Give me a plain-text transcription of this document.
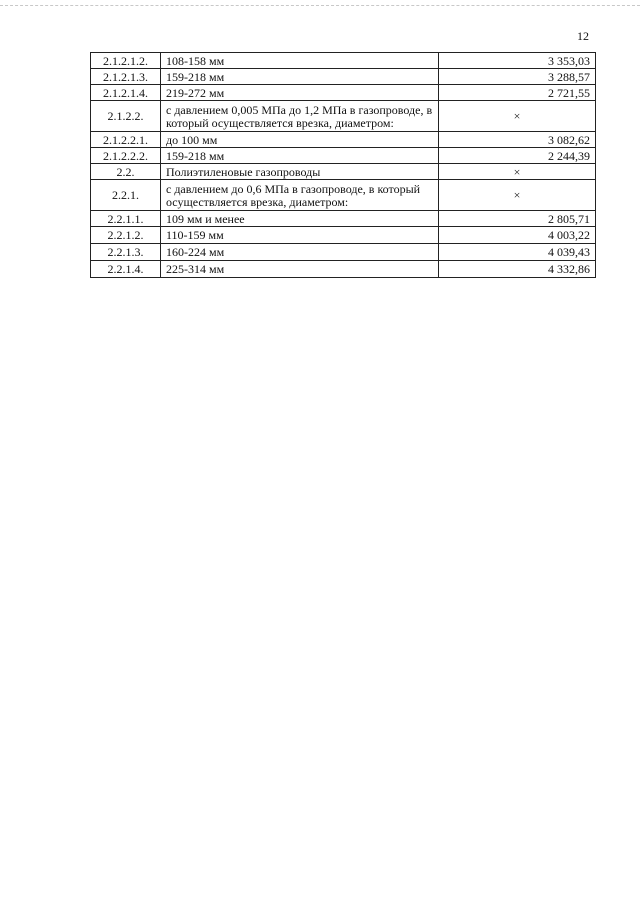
12
2.1.2.1.2.	108-158 мм	3 353,03
2.1.2.1.3.	159-218 мм	3 288,57
2.1.2.1.4.	219-272 мм	2 721,55
2.1.2.2.	с давлением 0,005 МПа до 1,2 МПа в газопроводе, в который осуществляется врезка, диаметром:	×
2.1.2.2.1.	до 100 мм	3 082,62
2.1.2.2.2.	159-218 мм	2 244,39
2.2.	Полиэтиленовые газопроводы	×
2.2.1.	с давлением до 0,6 МПа в газопроводе, в который осуществляется врезка, диаметром:	×
2.2.1.1.	109 мм и менее	2 805,71
2.2.1.2.	110-159 мм	4 003,22
2.2.1.3.	160-224 мм	4 039,43
2.2.1.4.	225-314 мм	4 332,86
